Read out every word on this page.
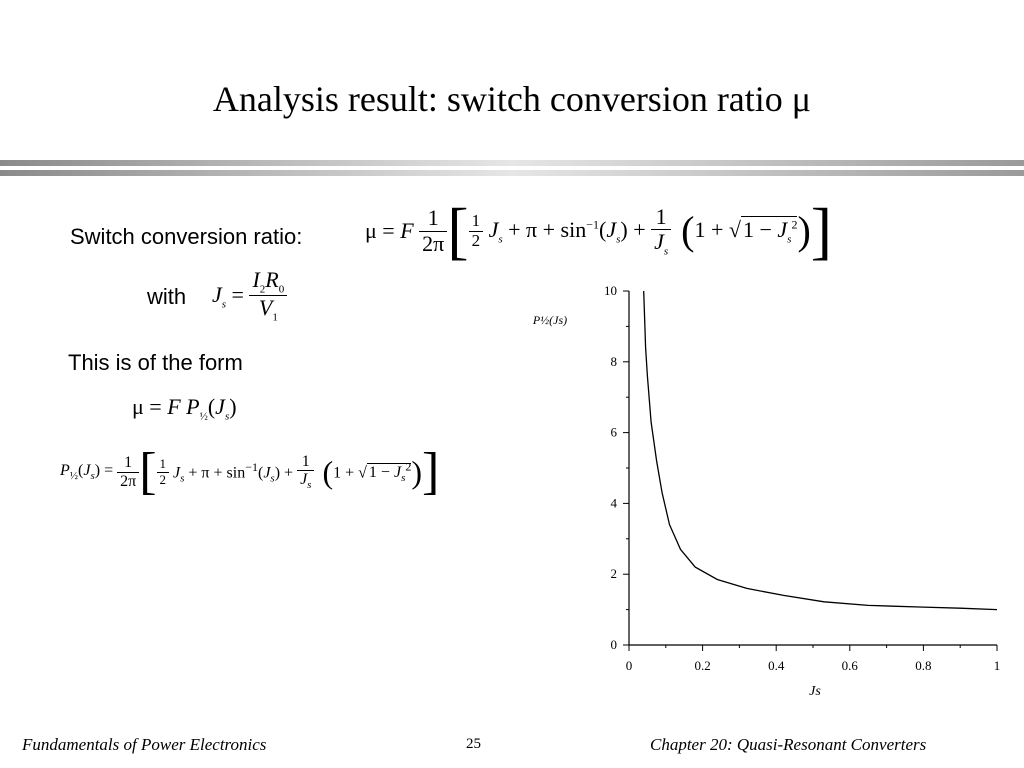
Analysis result: switch conversion ratio μ
Switch conversion ratio:	μ = F $\frac{1}{2\pi}$ [ $\frac{1}{2} J_s + \pi + \sin^{-1}(J_s) + \frac{1}{J_s}$ ( $1 + √1 - J_s^2$ ) ]
with $J_s = \frac{I_2R_0}{V_1}$
This is of the form
μ = F $P_{\frac{1}{2}}(J_s)$
$P_{\frac{1}{2}}(J_s) = \frac{1}{2\pi}$ [ $\frac{1}{2} J_s + \pi + \sin^{-1}(J_s) + \frac{1}{J_s}$ ( 1 + √ $1 - J_s^2$ ) ]
0	0.2	0.4	0.6	0.8	1
0
2
4
6
8
10
Js
P½(Js)
Fundamentals of Power Electronics	25	Chapter 20: Quasi-Resonant Converters
